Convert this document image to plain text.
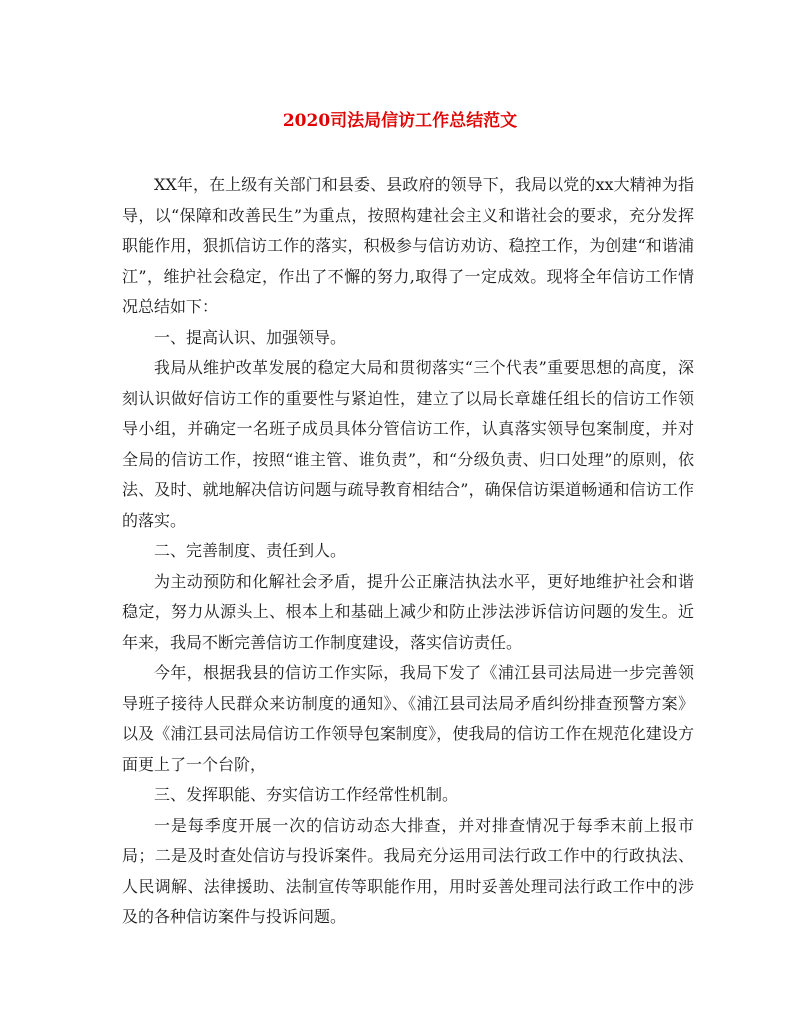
2020司法局信访工作总结范文

XX年，在上级有关部门和县委、县政府的领导下，我局以党的xx大精神为指导，以“保障和改善民生”为重点，按照构建社会主义和谐社会的要求，充分发挥职能作用，狠抓信访工作的落实，积极参与信访劝访、稳控工作，为创建“和谐浦江”，维护社会稳定，作出了不懈的努力,取得了一定成效。现将全年信访工作情况总结如下：

一、提高认识、加强领导。

我局从维护改革发展的稳定大局和贯彻落实“三个代表”重要思想的高度，深刻认识做好信访工作的重要性与紧迫性，建立了以局长章雄任组长的信访工作领导小组，并确定一名班子成员具体分管信访工作，认真落实领导包案制度，并对全局的信访工作，按照“谁主管、谁负责”，和“分级负责、归口处理”的原则，依法、及时、就地解决信访问题与疏导教育相结合”，确保信访渠道畅通和信访工作的落实。

二、完善制度、责任到人。

为主动预防和化解社会矛盾，提升公正廉洁执法水平，更好地维护社会和谐稳定，努力从源头上、根本上和基础上减少和防止涉法涉诉信访问题的发生。近年来，我局不断完善信访工作制度建设，落实信访责任。

今年，根据我县的信访工作实际，我局下发了《浦江县司法局进一步完善领导班子接待人民群众来访制度的通知》、《浦江县司法局矛盾纠纷排查预警方案》以及《浦江县司法局信访工作领导包案制度》，使我局的信访工作在规范化建设方面更上了一个台阶，

三、发挥职能、夯实信访工作经常性机制。

一是每季度开展一次的信访动态大排查，并对排查情况于每季末前上报市局；二是及时查处信访与投诉案件。我局充分运用司法行政工作中的行政执法、人民调解、法律援助、法制宣传等职能作用，用时妥善处理司法行政工作中的涉及的各种信访案件与投诉问题。
